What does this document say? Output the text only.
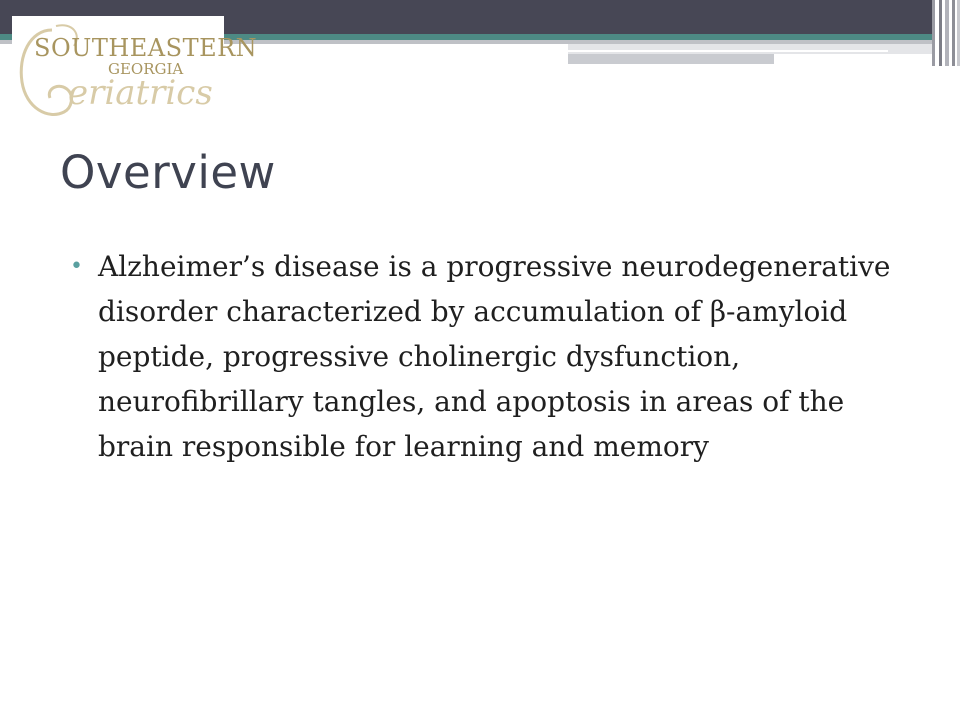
SOUTHEASTERN
GEORGIA
eriatrics
Overview
• Alzheimer’s disease is a progressive neurodegenerative disorder characterized by accumulation of β-amyloid peptide, progressive cholinergic dysfunction, neurofibrillary tangles, and apoptosis in areas of the brain responsible for learning and memory
